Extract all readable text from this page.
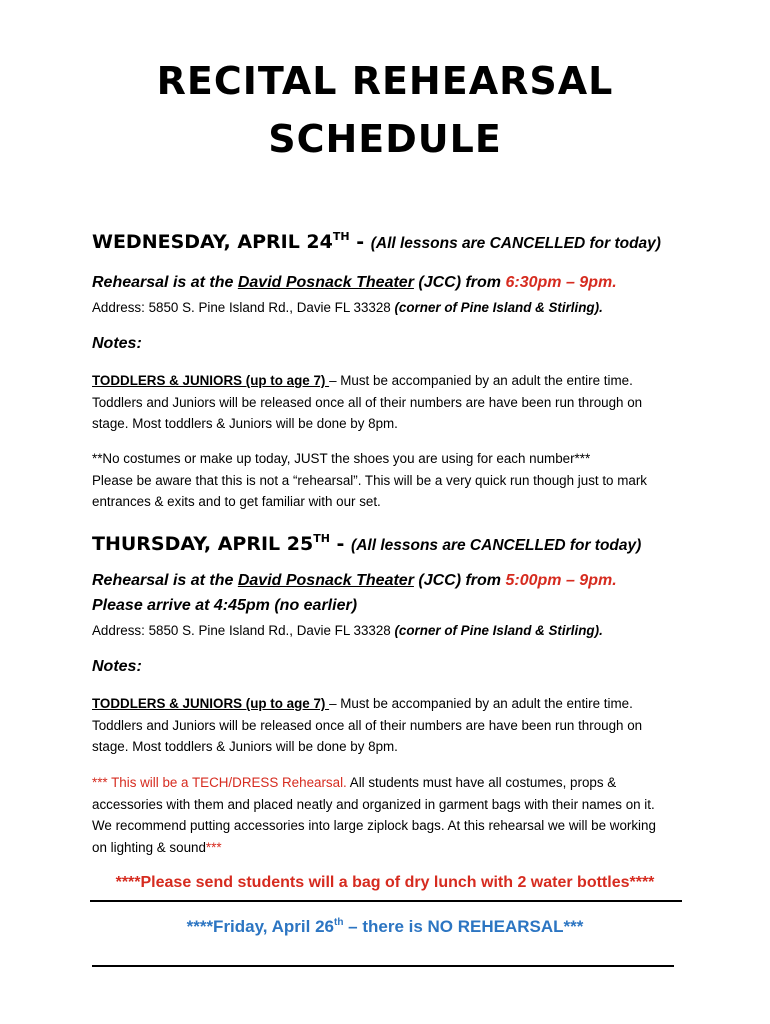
RECITAL REHEARSAL
SCHEDULE
WEDNESDAY, APRIL 24TH - (All lessons are CANCELLED for today)
Rehearsal is at the David Posnack Theater (JCC) from 6:30pm – 9pm.
Address: 5850 S. Pine Island Rd., Davie FL 33328 (corner of Pine Island & Stirling).
Notes:
TODDLERS & JUNIORS (up to age 7) – Must be accompanied by an adult the entire time.
Toddlers and Juniors will be released once all of their numbers are have been run through on
stage. Most toddlers & Juniors will be done by 8pm.
**No costumes or make up today, JUST the shoes you are using for each number***
Please be aware that this is not a “rehearsal”. This will be a very quick run though just to mark
entrances & exits and to get familiar with our set.
THURSDAY, APRIL 25TH - (All lessons are CANCELLED for today)
Rehearsal is at the David Posnack Theater (JCC) from 5:00pm – 9pm.
Please arrive at 4:45pm (no earlier)
Address: 5850 S. Pine Island Rd., Davie FL 33328 (corner of Pine Island & Stirling).
Notes:
TODDLERS & JUNIORS (up to age 7) – Must be accompanied by an adult the entire time.
Toddlers and Juniors will be released once all of their numbers are have been run through on
stage. Most toddlers & Juniors will be done by 8pm.
*** This will be a TECH/DRESS Rehearsal. All students must have all costumes, props &
accessories with them and placed neatly and organized in garment bags with their names on it.
We recommend putting accessories into large ziplock bags. At this rehearsal we will be working
on lighting & sound***
****Please send students will a bag of dry lunch with 2 water bottles****
****Friday, April 26th – there is NO REHEARSAL***
